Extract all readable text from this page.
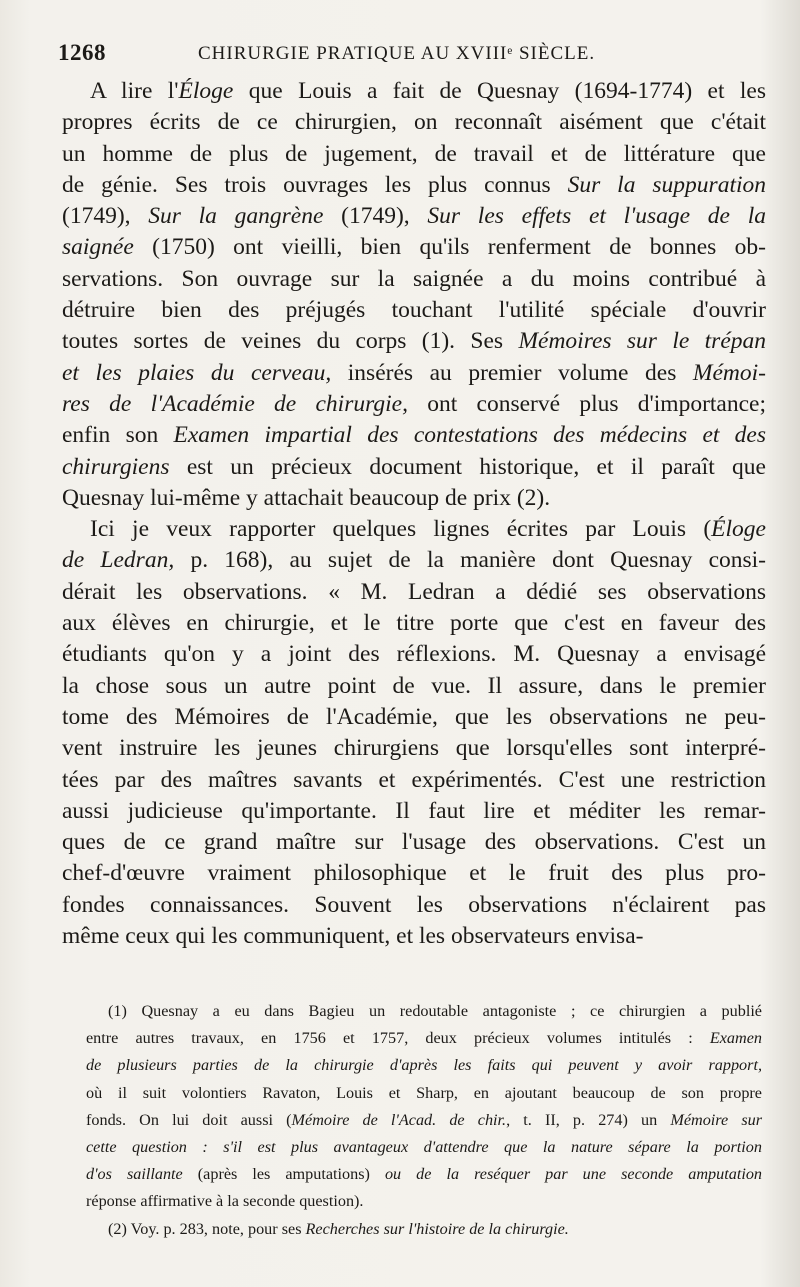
1268	CHIRURGIE PRATIQUE AU XVIIIᵉ SIÈCLE.
A lire l'Éloge que Louis a fait de Quesnay (1694-1774) et les
propres écrits de ce chirurgien, on reconnaît aisément que c'était
un homme de plus de jugement, de travail et de littérature que
de génie. Ses trois ouvrages les plus connus Sur la suppuration
(1749), Sur la gangrène (1749), Sur les effets et l'usage de la
saignée (1750) ont vieilli, bien qu'ils renferment de bonnes ob-
servations. Son ouvrage sur la saignée a du moins contribué à
détruire bien des préjugés touchant l'utilité spéciale d'ouvrir
toutes sortes de veines du corps (1). Ses Mémoires sur le trépan
et les plaies du cerveau, insérés au premier volume des Mémoi-
res de l'Académie de chirurgie, ont conservé plus d'importance;
enfin son Examen impartial des contestations des médecins et des
chirurgiens est un précieux document historique, et il paraît que
Quesnay lui-même y attachait beaucoup de prix (2).
Ici je veux rapporter quelques lignes écrites par Louis (Éloge
de Ledran, p. 168), au sujet de la manière dont Quesnay consi-
dérait les observations. « M. Ledran a dédié ses observations
aux élèves en chirurgie, et le titre porte que c'est en faveur des
étudiants qu'on y a joint des réflexions. M. Quesnay a envisagé
la chose sous un autre point de vue. Il assure, dans le premier
tome des Mémoires de l'Académie, que les observations ne peu-
vent instruire les jeunes chirurgiens que lorsqu'elles sont interpré-
tées par des maîtres savants et expérimentés. C'est une restriction
aussi judicieuse qu'importante. Il faut lire et méditer les remar-
ques de ce grand maître sur l'usage des observations. C'est un
chef-d'œuvre vraiment philosophique et le fruit des plus pro-
fondes connaissances. Souvent les observations n'éclairent pas
même ceux qui les communiquent, et les observateurs envisa-
(1) Quesnay a eu dans Bagieu un redoutable antagoniste ; ce chirurgien a publié
entre autres travaux, en 1756 et 1757, deux précieux volumes intitulés : Examen
de plusieurs parties de la chirurgie d'après les faits qui peuvent y avoir rapport,
où il suit volontiers Ravaton, Louis et Sharp, en ajoutant beaucoup de son propre
fonds. On lui doit aussi (Mémoire de l'Acad. de chir., t. II, p. 274) un Mémoire sur
cette question : s'il est plus avantageux d'attendre que la nature sépare la portion
d'os saillante (après les amputations) ou de la reséquer par une seconde amputation
réponse affirmative à la seconde question).
(2) Voy. p. 283, note, pour ses Recherches sur l'histoire de la chirurgie.
